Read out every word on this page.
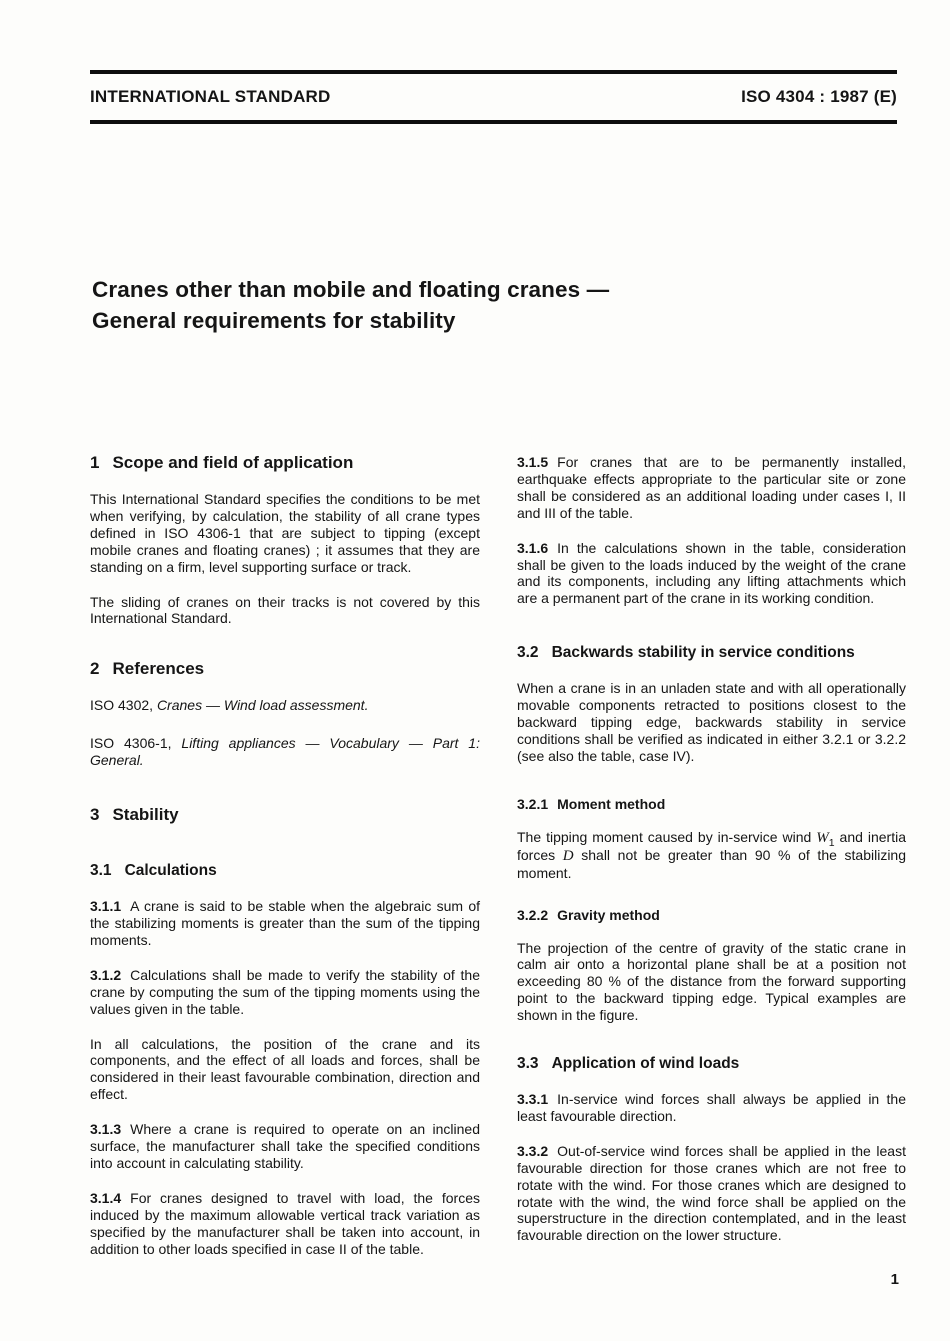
INTERNATIONAL STANDARD	ISO 4304 : 1987 (E)
Cranes other than mobile and floating cranes —
General requirements for stability
1 Scope and field of application

This International Standard specifies the conditions to be met when verifying, by calculation, the stability of all crane types defined in ISO 4306-1 that are subject to tipping (except mobile cranes and floating cranes) ; it assumes that they are standing on a firm, level supporting surface or track.

The sliding of cranes on their tracks is not covered by this International Standard.

2 References

ISO 4302, Cranes — Wind load assessment.

ISO 4306-1, Lifting appliances — Vocabulary — Part 1: General.

3 Stability
3.1 Calculations

3.1.1 A crane is said to be stable when the algebraic sum of the stabilizing moments is greater than the sum of the tipping moments.

3.1.2 Calculations shall be made to verify the stability of the crane by computing the sum of the tipping moments using the values given in the table.

In all calculations, the position of the crane and its components, and the effect of all loads and forces, shall be considered in their least favourable combination, direction and effect.

3.1.3 Where a crane is required to operate on an inclined surface, the manufacturer shall take the specified conditions into account in calculating stability.

3.1.4 For cranes designed to travel with load, the forces induced by the maximum allowable vertical track variation as specified by the manufacturer shall be taken into account, in addition to other loads specified in case II of the table.

3.1.5 For cranes that are to be permanently installed, earthquake effects appropriate to the particular site or zone shall be considered as an additional loading under cases I, II and III of the table.

3.1.6 In the calculations shown in the table, consideration shall be given to the loads induced by the weight of the crane and its components, including any lifting attachments which are a permanent part of the crane in its working condition.

3.2 Backwards stability in service conditions

When a crane is in an unladen state and with all operationally movable components retracted to positions closest to the backward tipping edge, backwards stability in service conditions shall be verified as indicated in either 3.2.1 or 3.2.2 (see also the table, case IV).

3.2.1 Moment method

The tipping moment caused by in-service wind $W_1$ and inertia forces D shall not be greater than 90 % of the stabilizing moment.

3.2.2 Gravity method

The projection of the centre of gravity of the static crane in calm air onto a horizontal plane shall be at a position not exceeding 80 % of the distance from the forward supporting point to the backward tipping edge. Typical examples are shown in the figure.

3.3 Application of wind loads

3.3.1 In-service wind forces shall always be applied in the least favourable direction.

3.3.2 Out-of-service wind forces shall be applied in the least favourable direction for those cranes which are not free to rotate with the wind. For those cranes which are designed to rotate with the wind, the wind force shall be applied on the superstructure in the direction contemplated, and in the least favourable direction on the lower structure.

1
